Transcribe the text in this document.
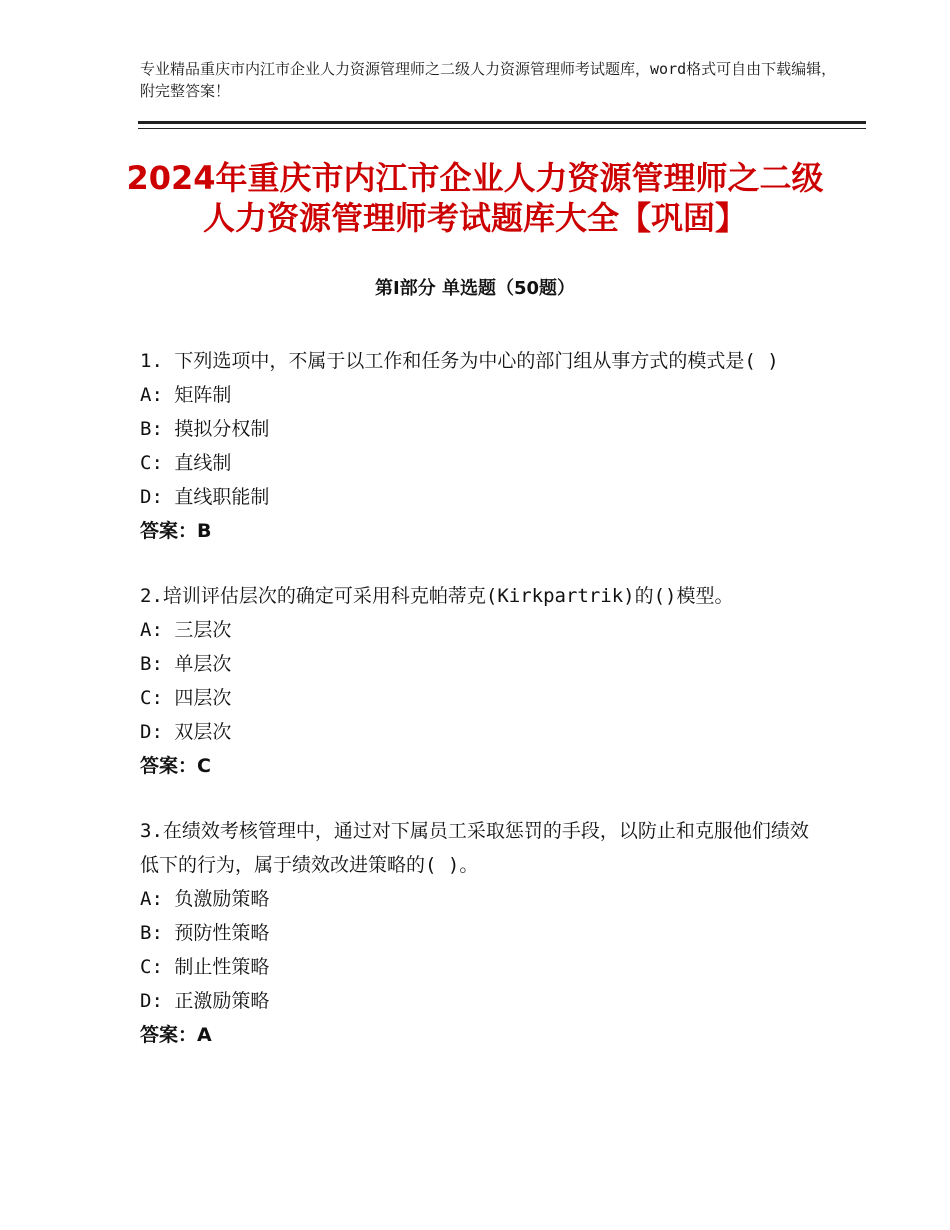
专业精品重庆市内江市企业人力资源管理师之二级人力资源管理师考试题库，word格式可自由下载编辑，附完整答案！
2024年重庆市内江市企业人力资源管理师之二级人力资源管理师考试题库大全【巩固】
第Ⅰ部分 单选题（50题）

1. 下列选项中，不属于以工作和任务为中心的部门组从事方式的模式是( )

A: 矩阵制

B: 摸拟分权制

C: 直线制

D: 直线职能制

答案：B

2.培训评估层次的确定可采用科克帕蒂克(Kirkpartrik)的()模型。

A: 三层次

B: 单层次

C: 四层次

D: 双层次

答案：C

3.在绩效考核管理中，通过对下属员工采取惩罚的手段，以防止和克服他们绩效低下的行为，属于绩效改进策略的( )。

A: 负激励策略

B: 预防性策略

C: 制止性策略

D: 正激励策略

答案：A
